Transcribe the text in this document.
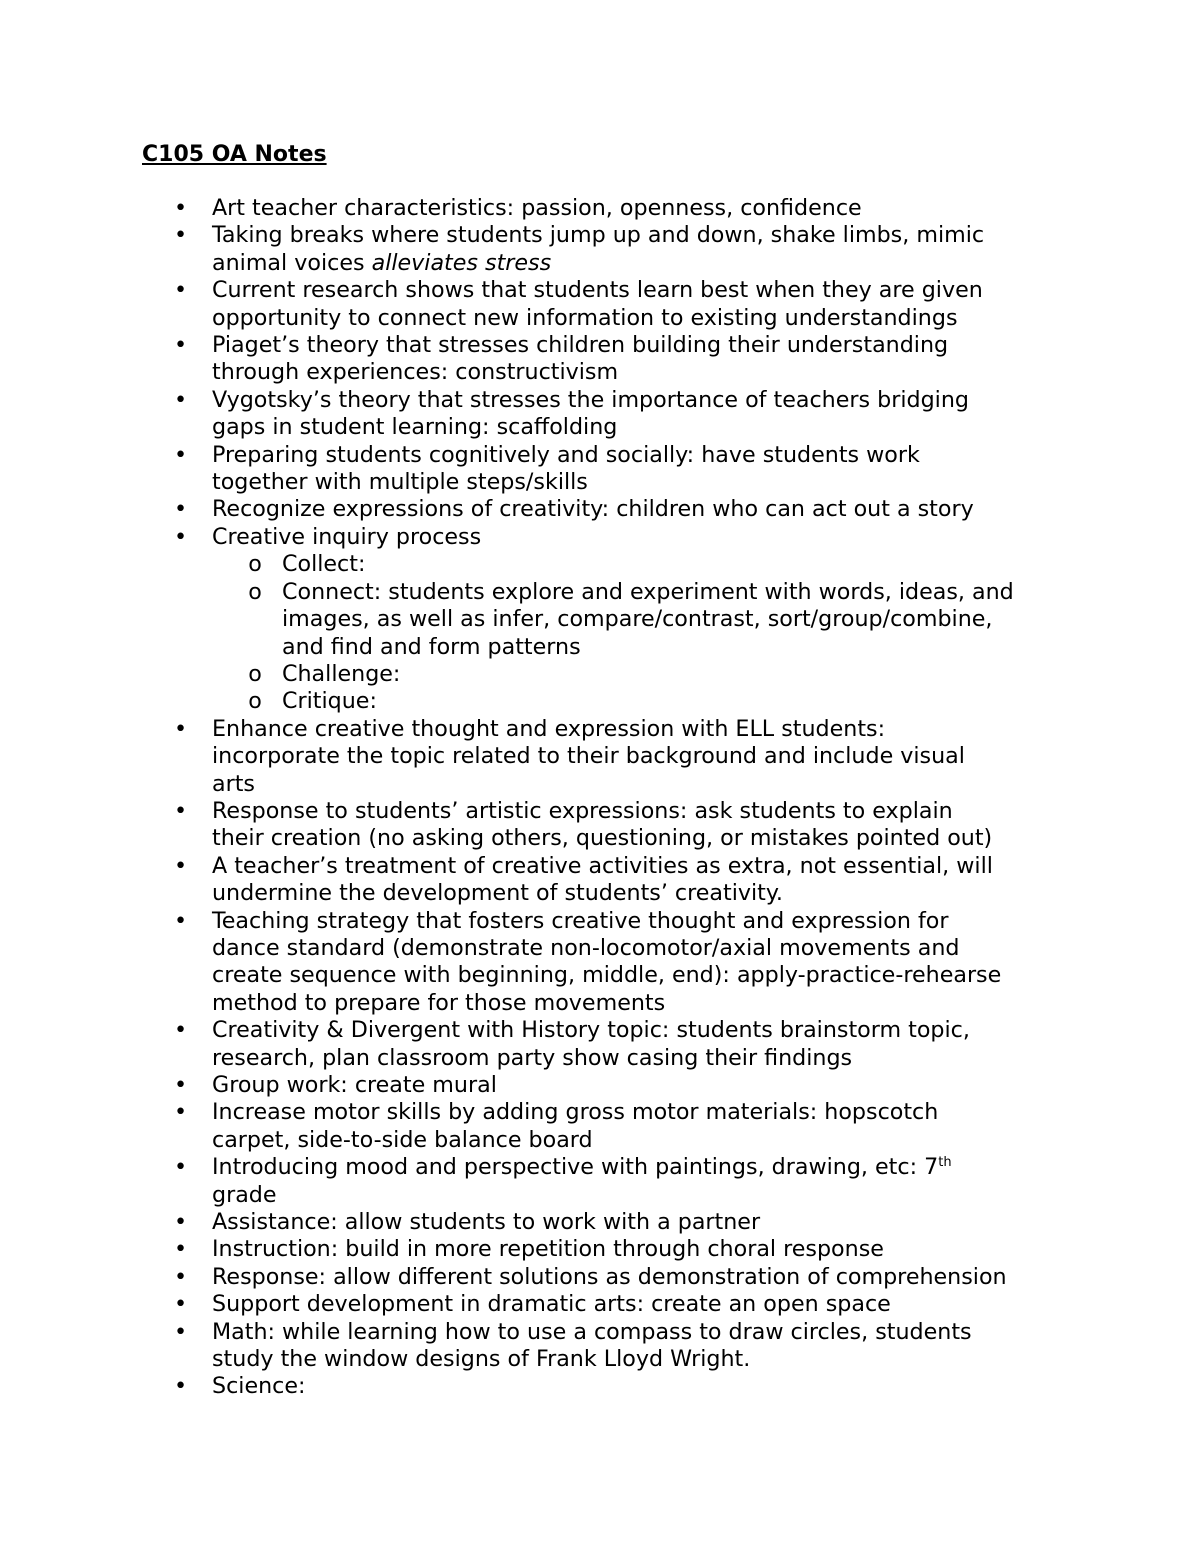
C105 OA Notes
• Art teacher characteristics: passion, openness, confidence
• Taking breaks where students jump up and down, shake limbs, mimic
animal voices alleviates stress
• Current research shows that students learn best when they are given
opportunity to connect new information to existing understandings
• Piaget’s theory that stresses children building their understanding
through experiences: constructivism
• Vygotsky’s theory that stresses the importance of teachers bridging
gaps in student learning: scaffolding
• Preparing students cognitively and socially: have students work
together with multiple steps/skills
• Recognize expressions of creativity: children who can act out a story
• Creative inquiry process
o Collect:
o Connect: students explore and experiment with words, ideas, and
images, as well as infer, compare/contrast, sort/group/combine,
and find and form patterns
o Challenge:
o Critique:
• Enhance creative thought and expression with ELL students:
incorporate the topic related to their background and include visual
arts
• Response to students’ artistic expressions: ask students to explain
their creation (no asking others, questioning, or mistakes pointed out)
• A teacher’s treatment of creative activities as extra, not essential, will
undermine the development of students’ creativity.
• Teaching strategy that fosters creative thought and expression for
dance standard (demonstrate non-locomotor/axial movements and
create sequence with beginning, middle, end): apply-practice-rehearse
method to prepare for those movements
• Creativity & Divergent with History topic: students brainstorm topic,
research, plan classroom party show casing their findings
• Group work: create mural
• Increase motor skills by adding gross motor materials: hopscotch
carpet, side-to-side balance board
• Introducing mood and perspective with paintings, drawing, etc: 7th
grade
• Assistance: allow students to work with a partner
• Instruction: build in more repetition through choral response
• Response: allow different solutions as demonstration of comprehension
• Support development in dramatic arts: create an open space
• Math: while learning how to use a compass to draw circles, students
study the window designs of Frank Lloyd Wright.
• Science:
